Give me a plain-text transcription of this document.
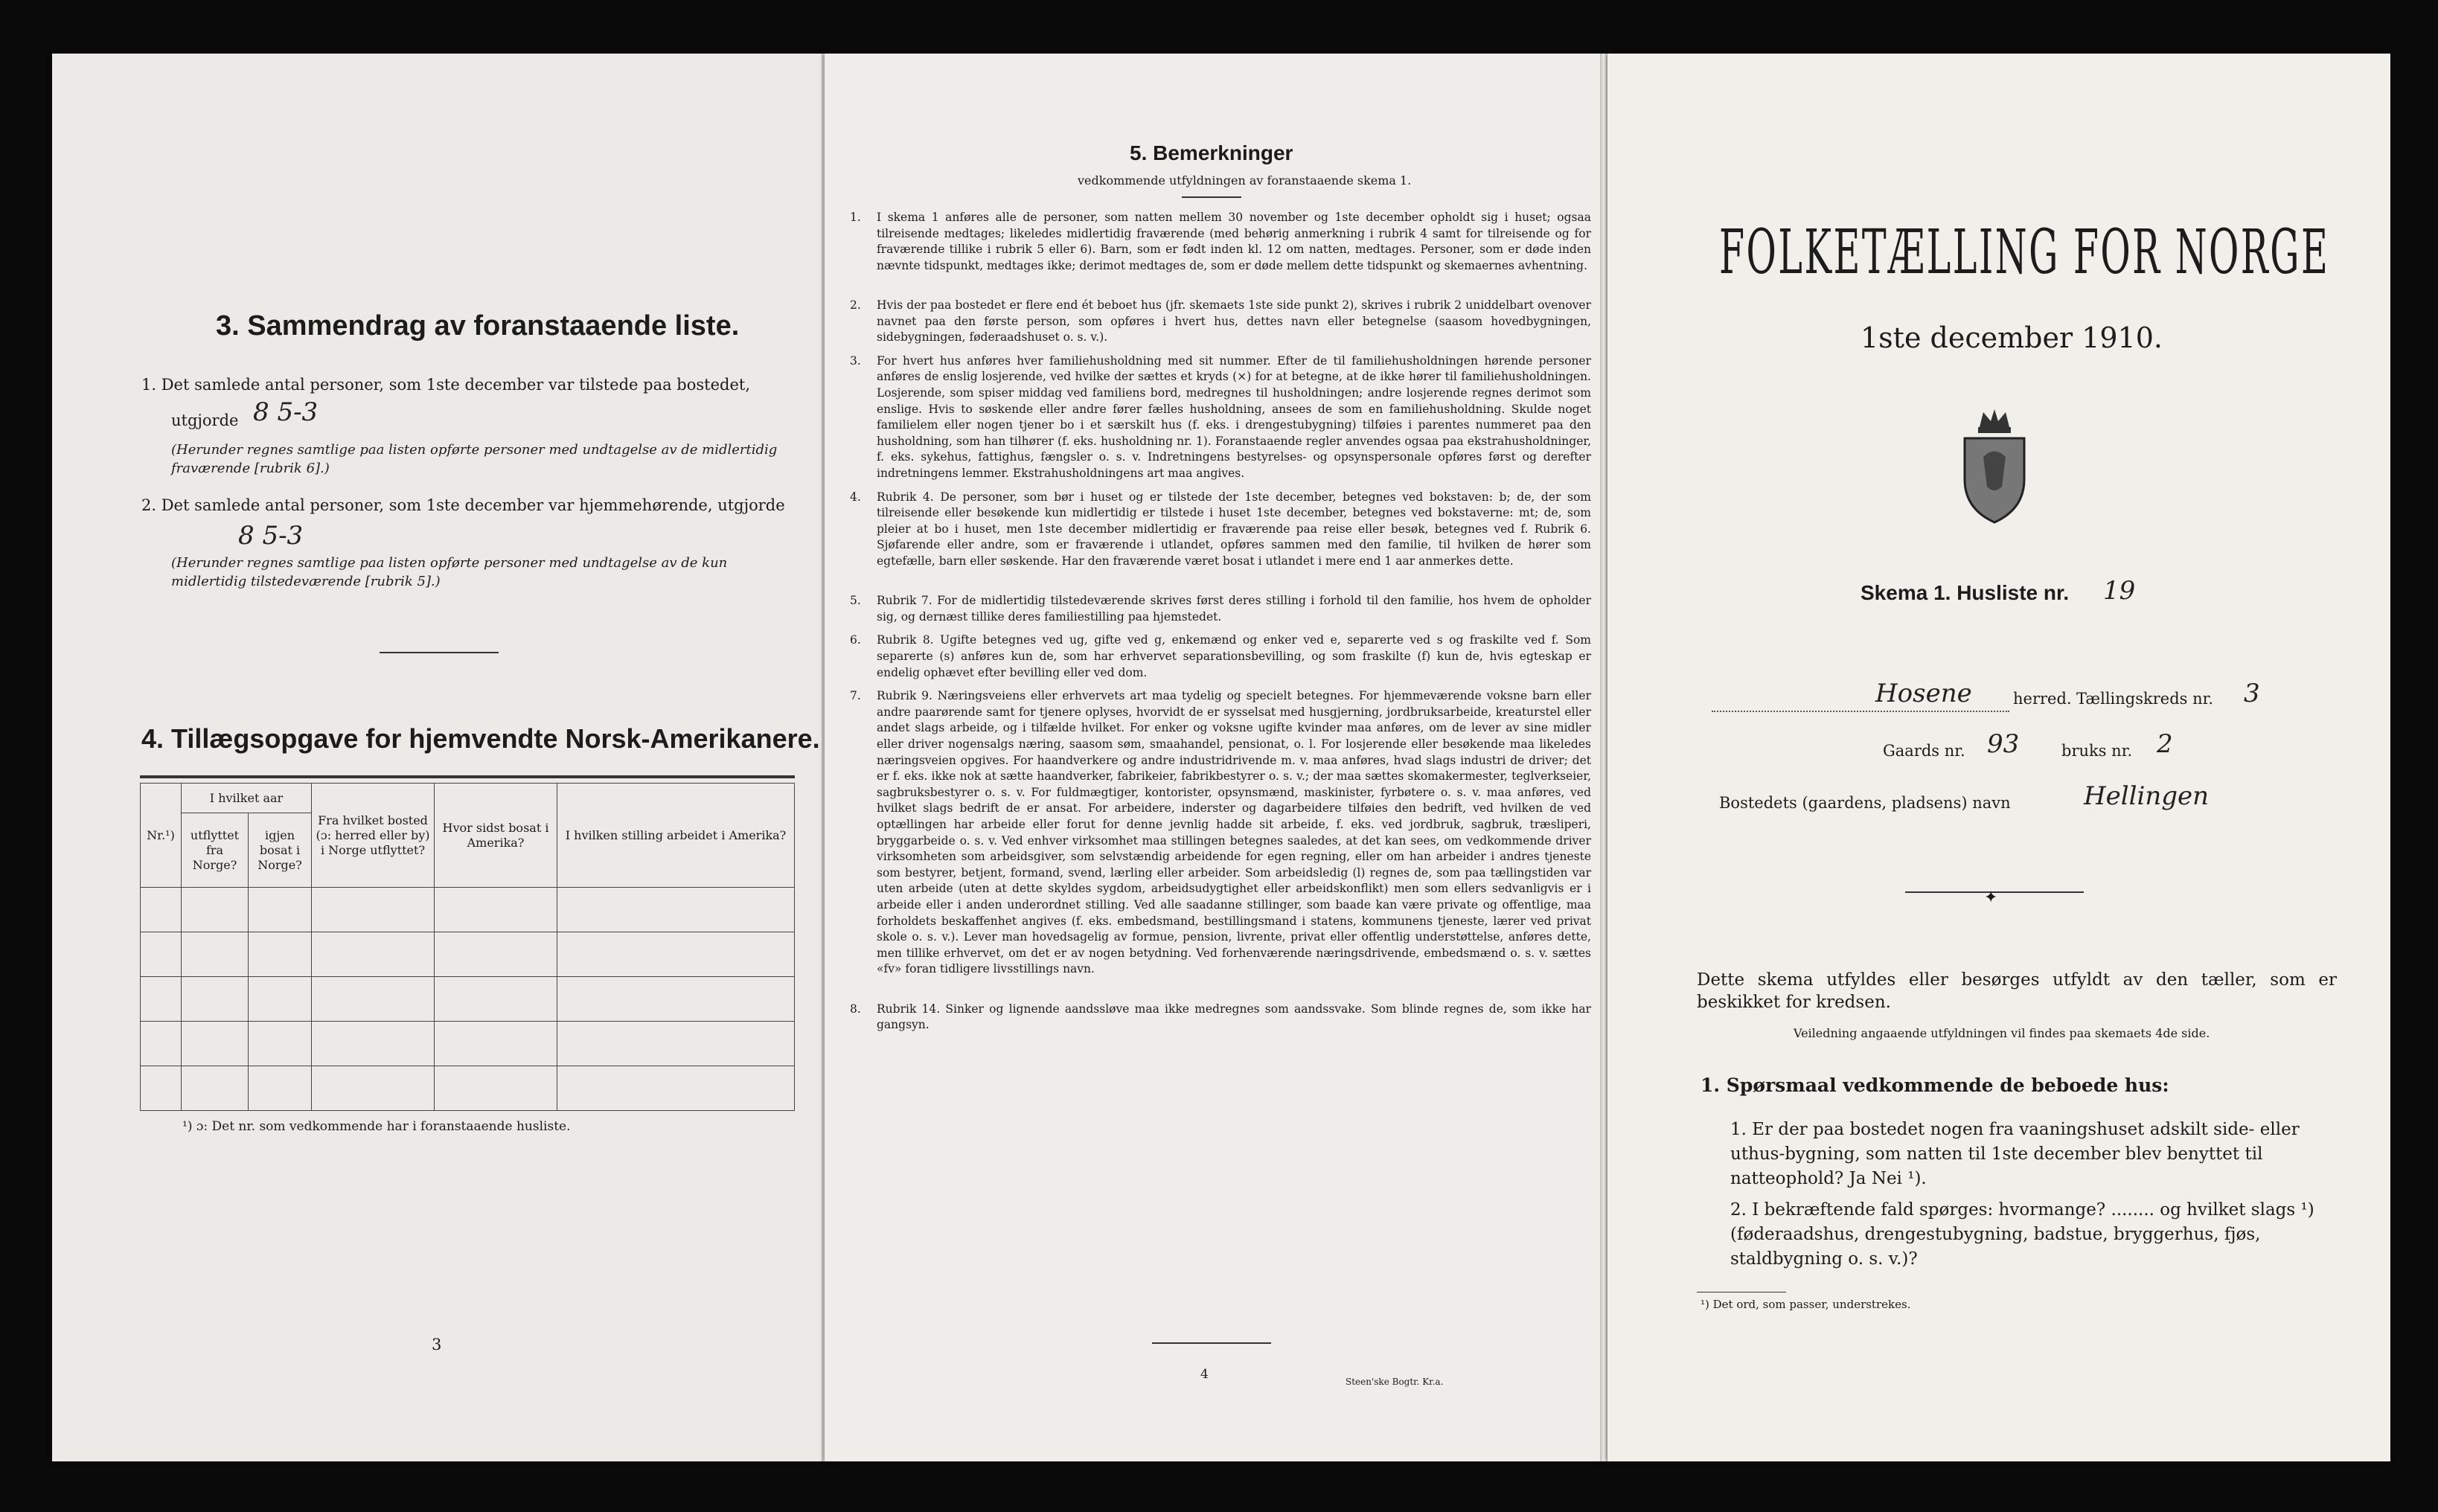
3. Sammendrag av foranstaaende liste.
1. Det samlede antal personer, som 1ste december var tilstede paa bostedet,
utgjorde 8 5-3
(Herunder regnes samtlige paa listen opførte personer med undtagelse av de midlertidig fraværende [rubrik 6].)
2. Det samlede antal personer, som 1ste december var hjemmehørende, utgjorde
8 5-3
(Herunder regnes samtlige paa listen opførte personer med undtagelse av de kun midlertidig tilstedeværende [rubrik 5].)
4. Tillægsopgave for hjemvendte Norsk-Amerikanere.
Nr.¹)	I hvilket aar		Fra hvilket bosted (ɔ: herred eller by) i Norge utflyttet?	Hvor sidst bosat i Amerika?	I hvilken stilling arbeidet i Amerika?
	utflyttet fra Norge?	igjen bosat i Norge?			

¹) ɔ: Det nr. som vedkommende har i foranstaaende husliste.
3
5. Bemerkninger
vedkommende utfyldningen av foranstaaende skema 1.
1. I skema 1 anføres alle de personer, som natten mellem 30 november og 1ste december opholdt sig i huset; ogsaa tilreisende medtages; likeledes midlertidig fraværende (med behørig anmerkning i rubrik 4 samt for tilreisende og for fraværende tillike i rubrik 5 eller 6). Barn, som er født inden kl. 12 om natten, medtages. Personer, som er døde inden nævnte tidspunkt, medtages ikke; derimot medtages de, som er døde mellem dette tidspunkt og skemaernes avhentning.
2. Hvis der paa bostedet er flere end ét beboet hus (jfr. skemaets 1ste side punkt 2), skrives i rubrik 2 uniddelbart ovenover navnet paa den første person, som opføres i hvert hus, dettes navn eller betegnelse (saasom hovedbygningen, sidebygningen, føderaadshuset o. s. v.).
3. For hvert hus anføres hver familiehusholdning med sit nummer. Efter de til familiehusholdningen hørende personer anføres de enslig losjerende, ved hvilke der sættes et kryds (×) for at betegne, at de ikke hører til familiehusholdningen. Losjerende, som spiser middag ved familiens bord, medregnes til husholdningen; andre losjerende regnes derimot som enslige. Hvis to søskende eller andre fører fælles husholdning, ansees de som en familiehusholdning. Skulde noget familielem eller nogen tjener bo i et særskilt hus (f. eks. i drengestubygning) tilføies i parentes nummeret paa den husholdning, som han tilhører (f. eks. husholdning nr. 1). Foranstaaende regler anvendes ogsaa paa ekstrahusholdninger, f. eks. sykehus, fattighus, fængsler o. s. v. Indretningens bestyrelses- og opsynspersonale opføres først og derefter indretningens lemmer. Ekstrahusholdningens art maa angives.
4. Rubrik 4. De personer, som bør i huset og er tilstede der 1ste december, betegnes ved bokstaven: b; de, der som tilreisende eller besøkende kun midlertidig er tilstede i huset 1ste december, betegnes ved bokstaverne: mt; de, som pleier at bo i huset, men 1ste december midlertidig er fraværende paa reise eller besøk, betegnes ved f. Rubrik 6. Sjøfarende eller andre, som er fraværende i utlandet, opføres sammen med den familie, til hvilken de hører som egtefælle, barn eller søskende. Har den fraværende været bosat i utlandet i mere end 1 aar anmerkes dette.
5. Rubrik 7. For de midlertidig tilstedeværende skrives først deres stilling i forhold til den familie, hos hvem de opholder sig, og dernæst tillike deres familiestilling paa hjemstedet.
6. Rubrik 8. Ugifte betegnes ved ug, gifte ved g, enkemænd og enker ved e, separerte ved s og fraskilte ved f. Som separerte (s) anføres kun de, som har erhvervet separationsbevilling, og som fraskilte (f) kun de, hvis egteskap er endelig ophævet efter bevilling eller ved dom.
7. Rubrik 9. Næringsveiens eller erhvervets art maa tydelig og specielt betegnes. For hjemmeværende voksne barn eller andre paarørende samt for tjenere oplyses, hvorvidt de er sysselsat med husgjerning, jordbruksarbeide, kreaturstel eller andet slags arbeide, og i tilfælde hvilket. For enker og voksne ugifte kvinder maa anføres, om de lever av sine midler eller driver nogensalgs næring, saasom søm, smaahandel, pensionat, o. l. For losjerende eller besøkende maa likeledes næringsveien opgives. For haandverkere og andre industridrivende m. v. maa anføres, hvad slags industri de driver; det er f. eks. ikke nok at sætte haandverker, fabrikeier, fabrikbestyrer o. s. v.; der maa sættes skomakermester, teglverkseier, sagbruksbestyrer o. s. v. For fuldmægtiger, kontorister, opsynsmænd, maskinister, fyrbøtere o. s. v. maa anføres, ved hvilket slags bedrift de er ansat. For arbeidere, inderster og dagarbeidere tilføies den bedrift, ved hvilken de ved optællingen har arbeide eller forut for denne jevnlig hadde sit arbeide, f. eks. ved jordbruk, sagbruk, træsliperi, bryggarbeide o. s. v. Ved enhver virksomhet maa stillingen betegnes saaledes, at det kan sees, om vedkommende driver virksomheten som arbeidsgiver, som selvstændig arbeidende for egen regning, eller om han arbeider i andres tjeneste som bestyrer, betjent, formand, svend, lærling eller arbeider. Som arbeidsledig (l) regnes de, som paa tællingstiden var uten arbeide (uten at dette skyldes sygdom, arbeidsudygtighet eller arbeidskonflikt) men som ellers sedvanligvis er i arbeide eller i anden underordnet stilling. Ved alle saadanne stillinger, som baade kan være private og offentlige, maa forholdets beskaffenhet angives (f. eks. embedsmand, bestillingsmand i statens, kommunens tjeneste, lærer ved privat skole o. s. v.). Lever man hovedsagelig av formue, pension, livrente, privat eller offentlig understøttelse, anføres dette, men tillike erhvervet, om det er av nogen betydning. Ved forhenværende næringsdrivende, embedsmænd o. s. v. sættes «fv» foran tidligere livsstillings navn.
8. Rubrik 14. Sinker og lignende aandssløve maa ikke medregnes som aandssvake. Som blinde regnes de, som ikke har gangsyn.
4	Steen'ske Bogtr. Kr.a.
FOLKETÆLLING FOR NORGE
1ste december 1910.
Skema 1. Husliste nr. 19
Hosene	herred. Tællingskreds nr. 3
Gaards nr. 93	bruks nr. 2
Bostedets (gaardens, pladsens) navn	Hellingen
✦
Dette skema utfyldes eller besørges utfyldt av den tæller, som er beskikket for kredsen.
Veiledning angaaende utfyldningen vil findes paa skemaets 4de side.
1. Spørsmaal vedkommende de beboede hus:
1. Er der paa bostedet nogen fra vaaningshuset adskilt side- eller uthus-bygning, som natten til 1ste december blev benyttet til natteophold? Ja Nei ¹).
2. I bekræftende fald spørges: hvormange? ........ og hvilket slags ¹) (føderaadshus, drengestubygning, badstue, bryggerhus, fjøs, staldbygning o. s. v.)?
¹) Det ord, som passer, understrekes.
